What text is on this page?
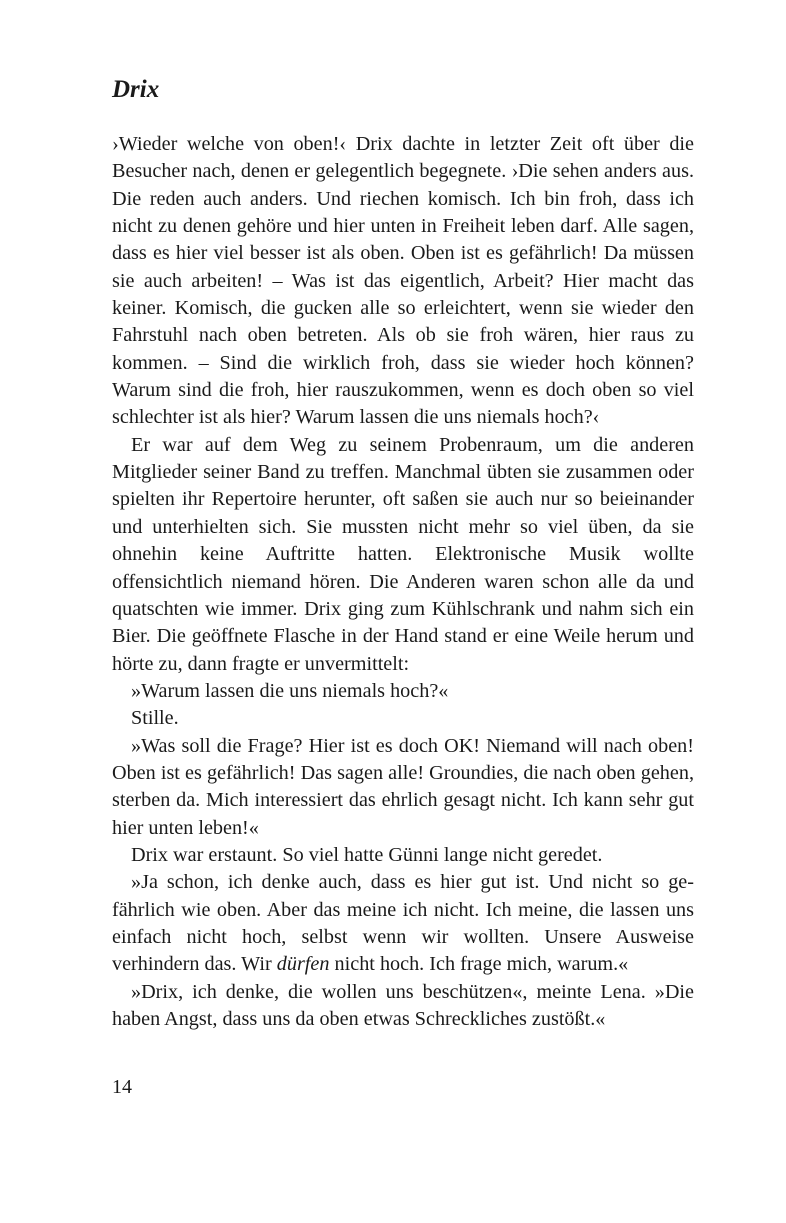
Drix

›Wieder welche von oben!‹ Drix dachte in letzter Zeit oft über die Besucher nach, denen er gelegentlich begegnete. ›Die sehen anders aus. Die reden auch anders. Und riechen komisch. Ich bin froh, dass ich nicht zu denen gehöre und hier unten in Freiheit leben darf. Alle sagen, dass es hier viel besser ist als oben. Oben ist es gefährlich! Da müssen sie auch arbeiten! – Was ist das eigentlich, Arbeit? Hier macht das keiner. Komisch, die gucken alle so erleichtert, wenn sie wieder den Fahrstuhl nach oben betreten. Als ob sie froh wären, hier raus zu kommen. – Sind die wirklich froh, dass sie wieder hoch können? Warum sind die froh, hier rauszukommen, wenn es doch oben so viel schlechter ist als hier? Warum lassen die uns niemals hoch?‹

Er war auf dem Weg zu seinem Probenraum, um die anderen Mitglieder seiner Band zu treffen. Manchmal übten sie zusammen oder spielten ihr Repertoire herunter, oft saßen sie auch nur so beieinander und unterhielten sich. Sie mussten nicht mehr so viel üben, da sie ohnehin keine Auftritte hatten. Elektronische Musik wollte offensichtlich niemand hören. Die Anderen waren schon alle da und quatschten wie immer. Drix ging zum Kühlschrank und nahm sich ein Bier. Die geöffnete Flasche in der Hand stand er eine Weile herum und hörte zu, dann fragte er unvermittelt:

»Warum lassen die uns niemals hoch?«

Stille.

»Was soll die Frage? Hier ist es doch OK! Niemand will nach oben! Oben ist es gefährlich! Das sagen alle! Groundies, die nach oben gehen, sterben da. Mich interessiert das ehrlich gesagt nicht. Ich kann sehr gut hier unten leben!«

Drix war erstaunt. So viel hatte Günni lange nicht geredet.

»Ja schon, ich denke auch, dass es hier gut ist. Und nicht so gefährlich wie oben. Aber das meine ich nicht. Ich meine, die lassen uns einfach nicht hoch, selbst wenn wir wollten. Unsere Ausweise verhindern das. Wir dürfen nicht hoch. Ich frage mich, warum.«

»Drix, ich denke, die wollen uns beschützen«, meinte Lena. »Die haben Angst, dass uns da oben etwas Schreckliches zustößt.«

14
